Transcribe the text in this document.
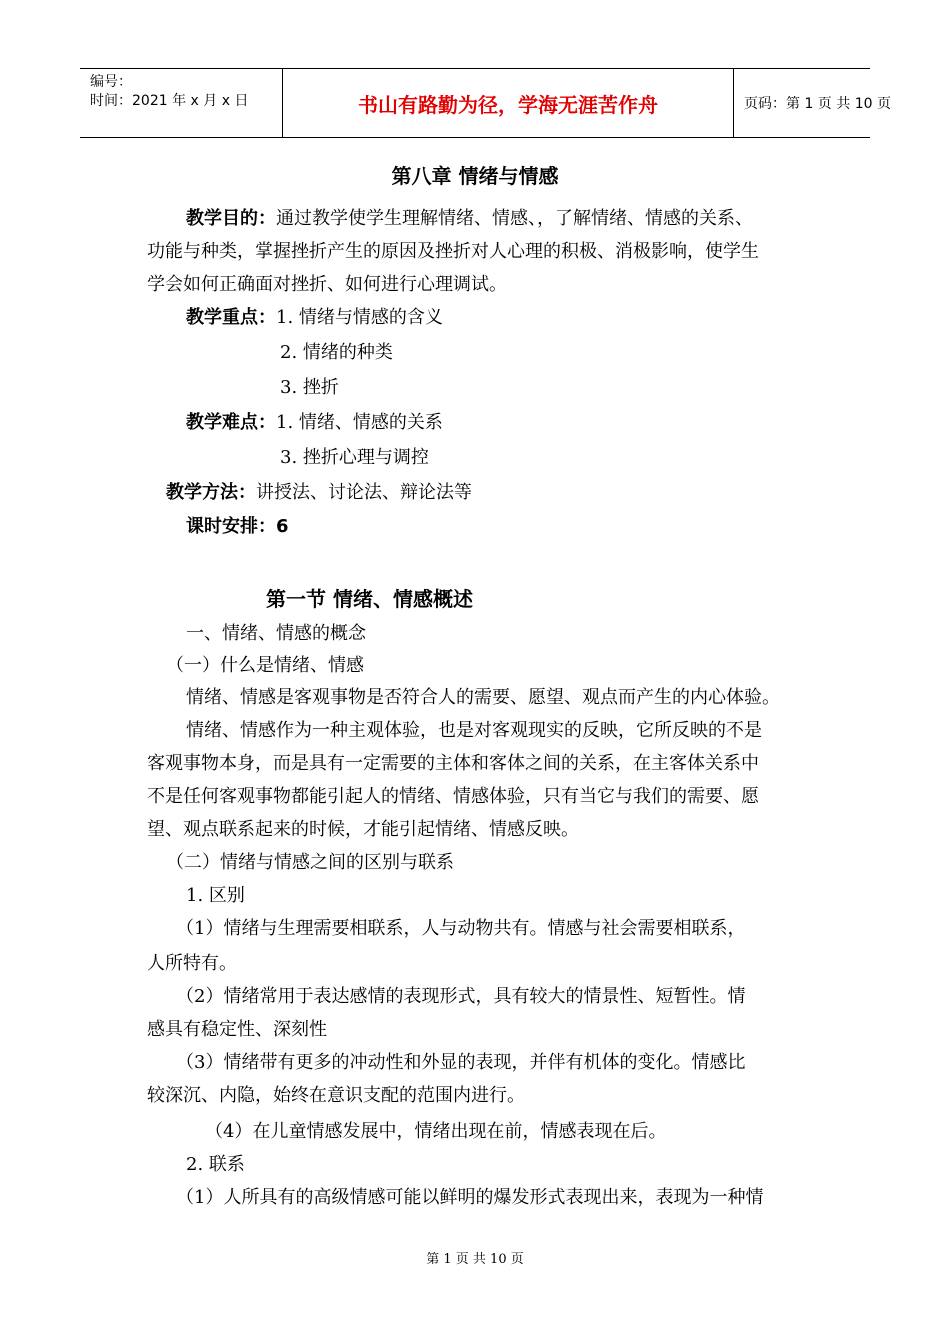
编号：
时间：2021 年 x 月 x 日	书山有路勤为径，学海无涯苦作舟	页码：第 1 页 共 10 页
第八章 情绪与情感
教学目的：通过教学使学生理解情绪、情感、，了解情绪、情感的关系、
功能与种类，掌握挫折产生的原因及挫折对人心理的积极、消极影响，使学生
学会如何正确面对挫折、如何进行心理调试。
教学重点：1. 情绪与情感的含义
2. 情绪的种类
3. 挫折
教学难点：1. 情绪、情感的关系
3. 挫折心理与调控
教学方法：讲授法、讨论法、辩论法等
课时安排：6
第一节 情绪、情感概述
一、情绪、情感的概念
（一）什么是情绪、情感
情绪、情感是客观事物是否符合人的需要、愿望、观点而产生的内心体验。
情绪、情感作为一种主观体验，也是对客观现实的反映，它所反映的不是
客观事物本身，而是具有一定需要的主体和客体之间的关系，在主客体关系中
不是任何客观事物都能引起人的情绪、情感体验，只有当它与我们的需要、愿
望、观点联系起来的时候，才能引起情绪、情感反映。
（二）情绪与情感之间的区别与联系
1. 区别
（1）情绪与生理需要相联系，人与动物共有。情感与社会需要相联系，
人所特有。
（2）情绪常用于表达感情的表现形式，具有较大的情景性、短暂性。情
感具有稳定性、深刻性
（3）情绪带有更多的冲动性和外显的表现，并伴有机体的变化。情感比
较深沉、内隐，始终在意识支配的范围内进行。
（4）在儿童情感发展中，情绪出现在前，情感表现在后。
2. 联系
（1）人所具有的高级情感可能以鲜明的爆发形式表现出来，表现为一种情
第 1 页 共 10 页
